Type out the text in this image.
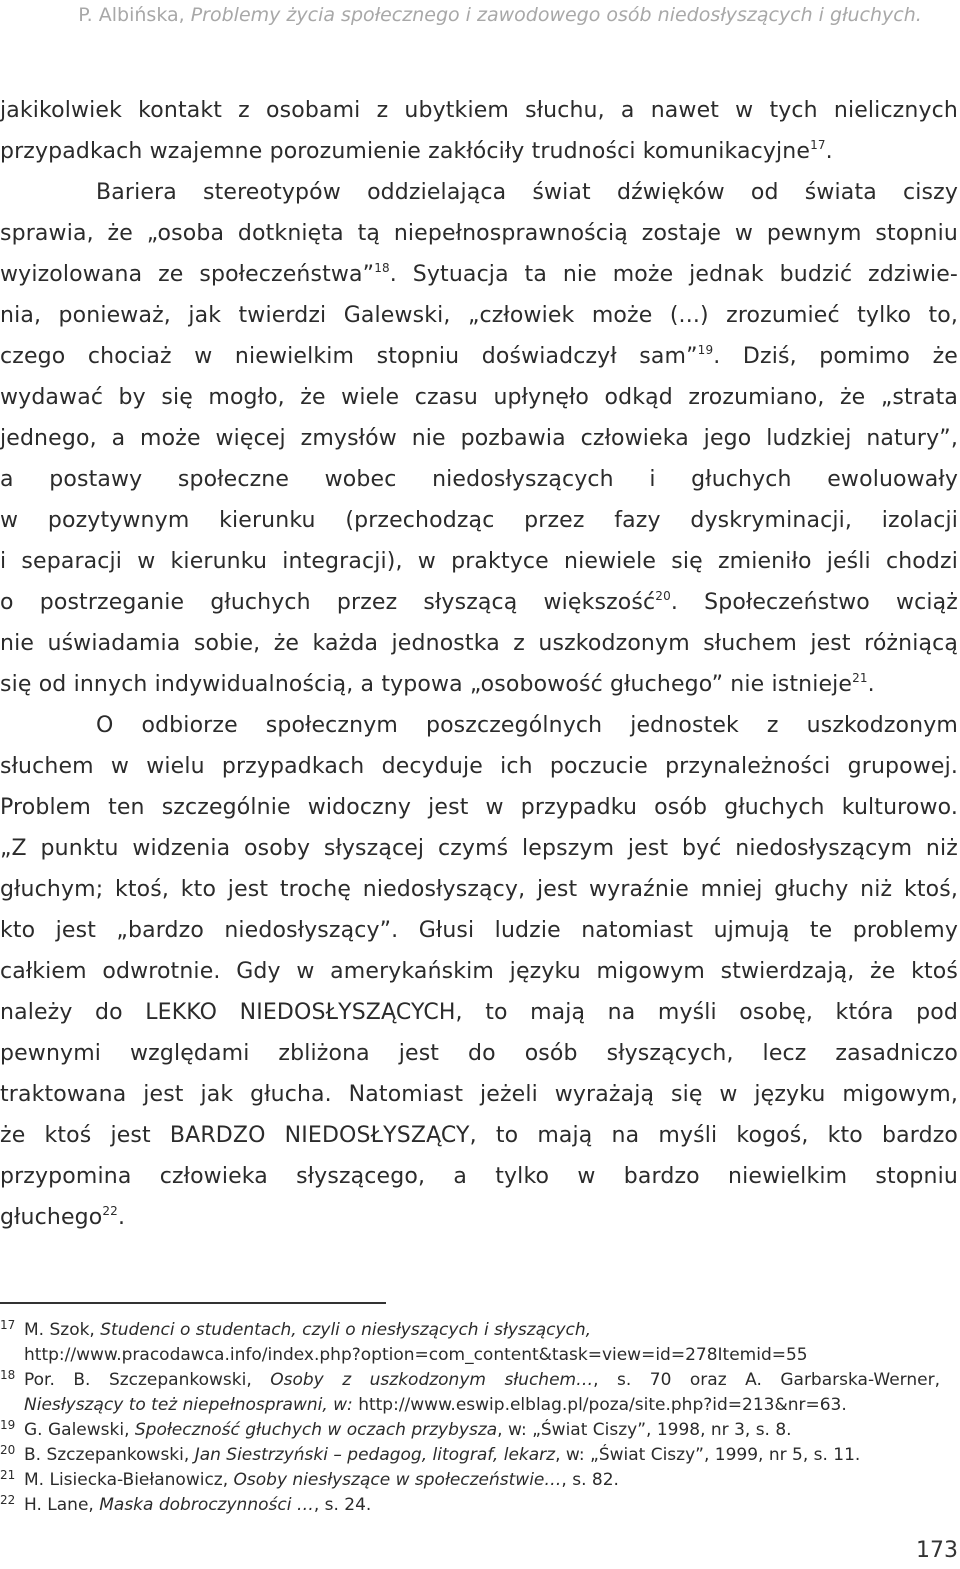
P. Albińska, Problemy życia społecznego i zawodowego osób niedosłyszących i głuchych.
jakikolwiek kontakt z osobami z ubytkiem słuchu, a nawet w tych nielicznych
przypadkach wzajemne porozumienie zakłóciły trudności komunikacyjne$^{17}$.
Bariera stereotypów oddzielająca świat dźwięków od świata ciszy
sprawia, że „osoba dotknięta tą niepełnosprawnością zostaje w pewnym stopniu
wyizolowana ze społeczeństwa”$^{18}$. Sytuacja ta nie może jednak budzić zdziwie-
nia, ponieważ, jak twierdzi Galewski, „człowiek może (...) zrozumieć tylko to,
czego chociaż w niewielkim stopniu doświadczył sam”$^{19}$. Dziś, pomimo że
wydawać by się mogło, że wiele czasu upłynęło odkąd zrozumiano, że „strata
jednego, a może więcej zmysłów nie pozbawia człowieka jego ludzkiej natury”,
a postawy społeczne wobec niedosłyszących i głuchych ewoluowały
w pozytywnym kierunku (przechodząc przez fazy dyskryminacji, izolacji
i separacji w kierunku integracji), w praktyce niewiele się zmieniło jeśli chodzi
o postrzeganie głuchych przez słyszącą większość$^{20}$. Społeczeństwo wciąż
nie uświadamia sobie, że każda jednostka z uszkodzonym słuchem jest różniącą
się od innych indywidualnością, a typowa „osobowość głuchego” nie istnieje$^{21}$.
O odbiorze społecznym poszczególnych jednostek z uszkodzonym
słuchem w wielu przypadkach decyduje ich poczucie przynależności grupowej.
Problem ten szczególnie widoczny jest w przypadku osób głuchych kulturowo.
„Z punktu widzenia osoby słyszącej czymś lepszym jest być niedosłyszącym niż
głuchym; ktoś, kto jest trochę niedosłyszący, jest wyraźnie mniej głuchy niż ktoś,
kto jest „bardzo niedosłyszący”. Głusi ludzie natomiast ujmują te problemy
całkiem odwrotnie. Gdy w amerykańskim języku migowym stwierdzają, że ktoś
należy do LEKKO NIEDOSŁYSZĄCYCH, to mają na myśli osobę, która pod
pewnymi względami zbliżona jest do osób słyszących, lecz zasadniczo
traktowana jest jak głucha. Natomiast jeżeli wyrażają się w języku migowym,
że ktoś jest BARDZO NIEDOSŁYSZĄCY, to mają na myśli kogoś, kto bardzo
przypomina człowieka słyszącego, a tylko w bardzo niewielkim stopniu
głuchego$^{22}$.
17 M. Szok, Studenci o studentach, czyli o niesłyszących i słyszących,
http://www.pracodawca.info/index.php?option=com_content&task=view=id=278Itemid=55
18 Por. B. Szczepankowski, Osoby z uszkodzonym słuchem…, s. 70 oraz A. Garbarska-Werner,
Niesłyszący to też niepełnosprawni, w: http://www.eswip.elblag.pl/poza/site.php?id=213&nr=63.
19 G. Galewski, Społeczność głuchych w oczach przybysza, w: „Świat Ciszy”, 1998, nr 3, s. 8.
20 B. Szczepankowski, Jan Siestrzyński – pedagog, litograf, lekarz, w: „Świat Ciszy”, 1999, nr 5, s. 11.
21 M. Lisiecka-Biełanowicz, Osoby niesłyszące w społeczeństwie…, s. 82.
22 H. Lane, Maska dobroczynności …, s. 24.
173
